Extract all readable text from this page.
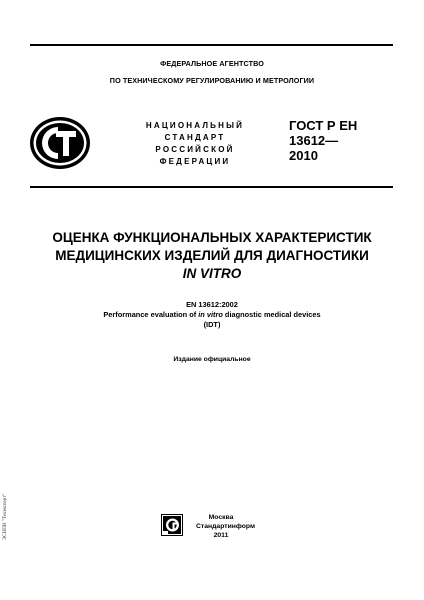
ФЕДЕРАЛЬНОЕ АГЕНТСТВО
ПО ТЕХНИЧЕСКОМУ РЕГУЛИРОВАНИЮ И МЕТРОЛОГИИ
НАЦИОНАЛЬНЫЙ
СТАНДАРТ
РОССИЙСКОЙ
ФЕДЕРАЦИИ
ГОСТ Р ЕН
13612—
2010
ОЦЕНКА ФУНКЦИОНАЛЬНЫХ ХАРАКТЕРИСТИК
МЕДИЦИНСКИХ ИЗДЕЛИЙ ДЛЯ ДИАГНОСТИКИ
IN VITRO
EN 13612:2002
Performance evaluation of in vitro diagnostic medical devices
(IDT)
Издание официальное
Москва
Стандартинформ
2011
ЭСНПИ "Техэксперт"
